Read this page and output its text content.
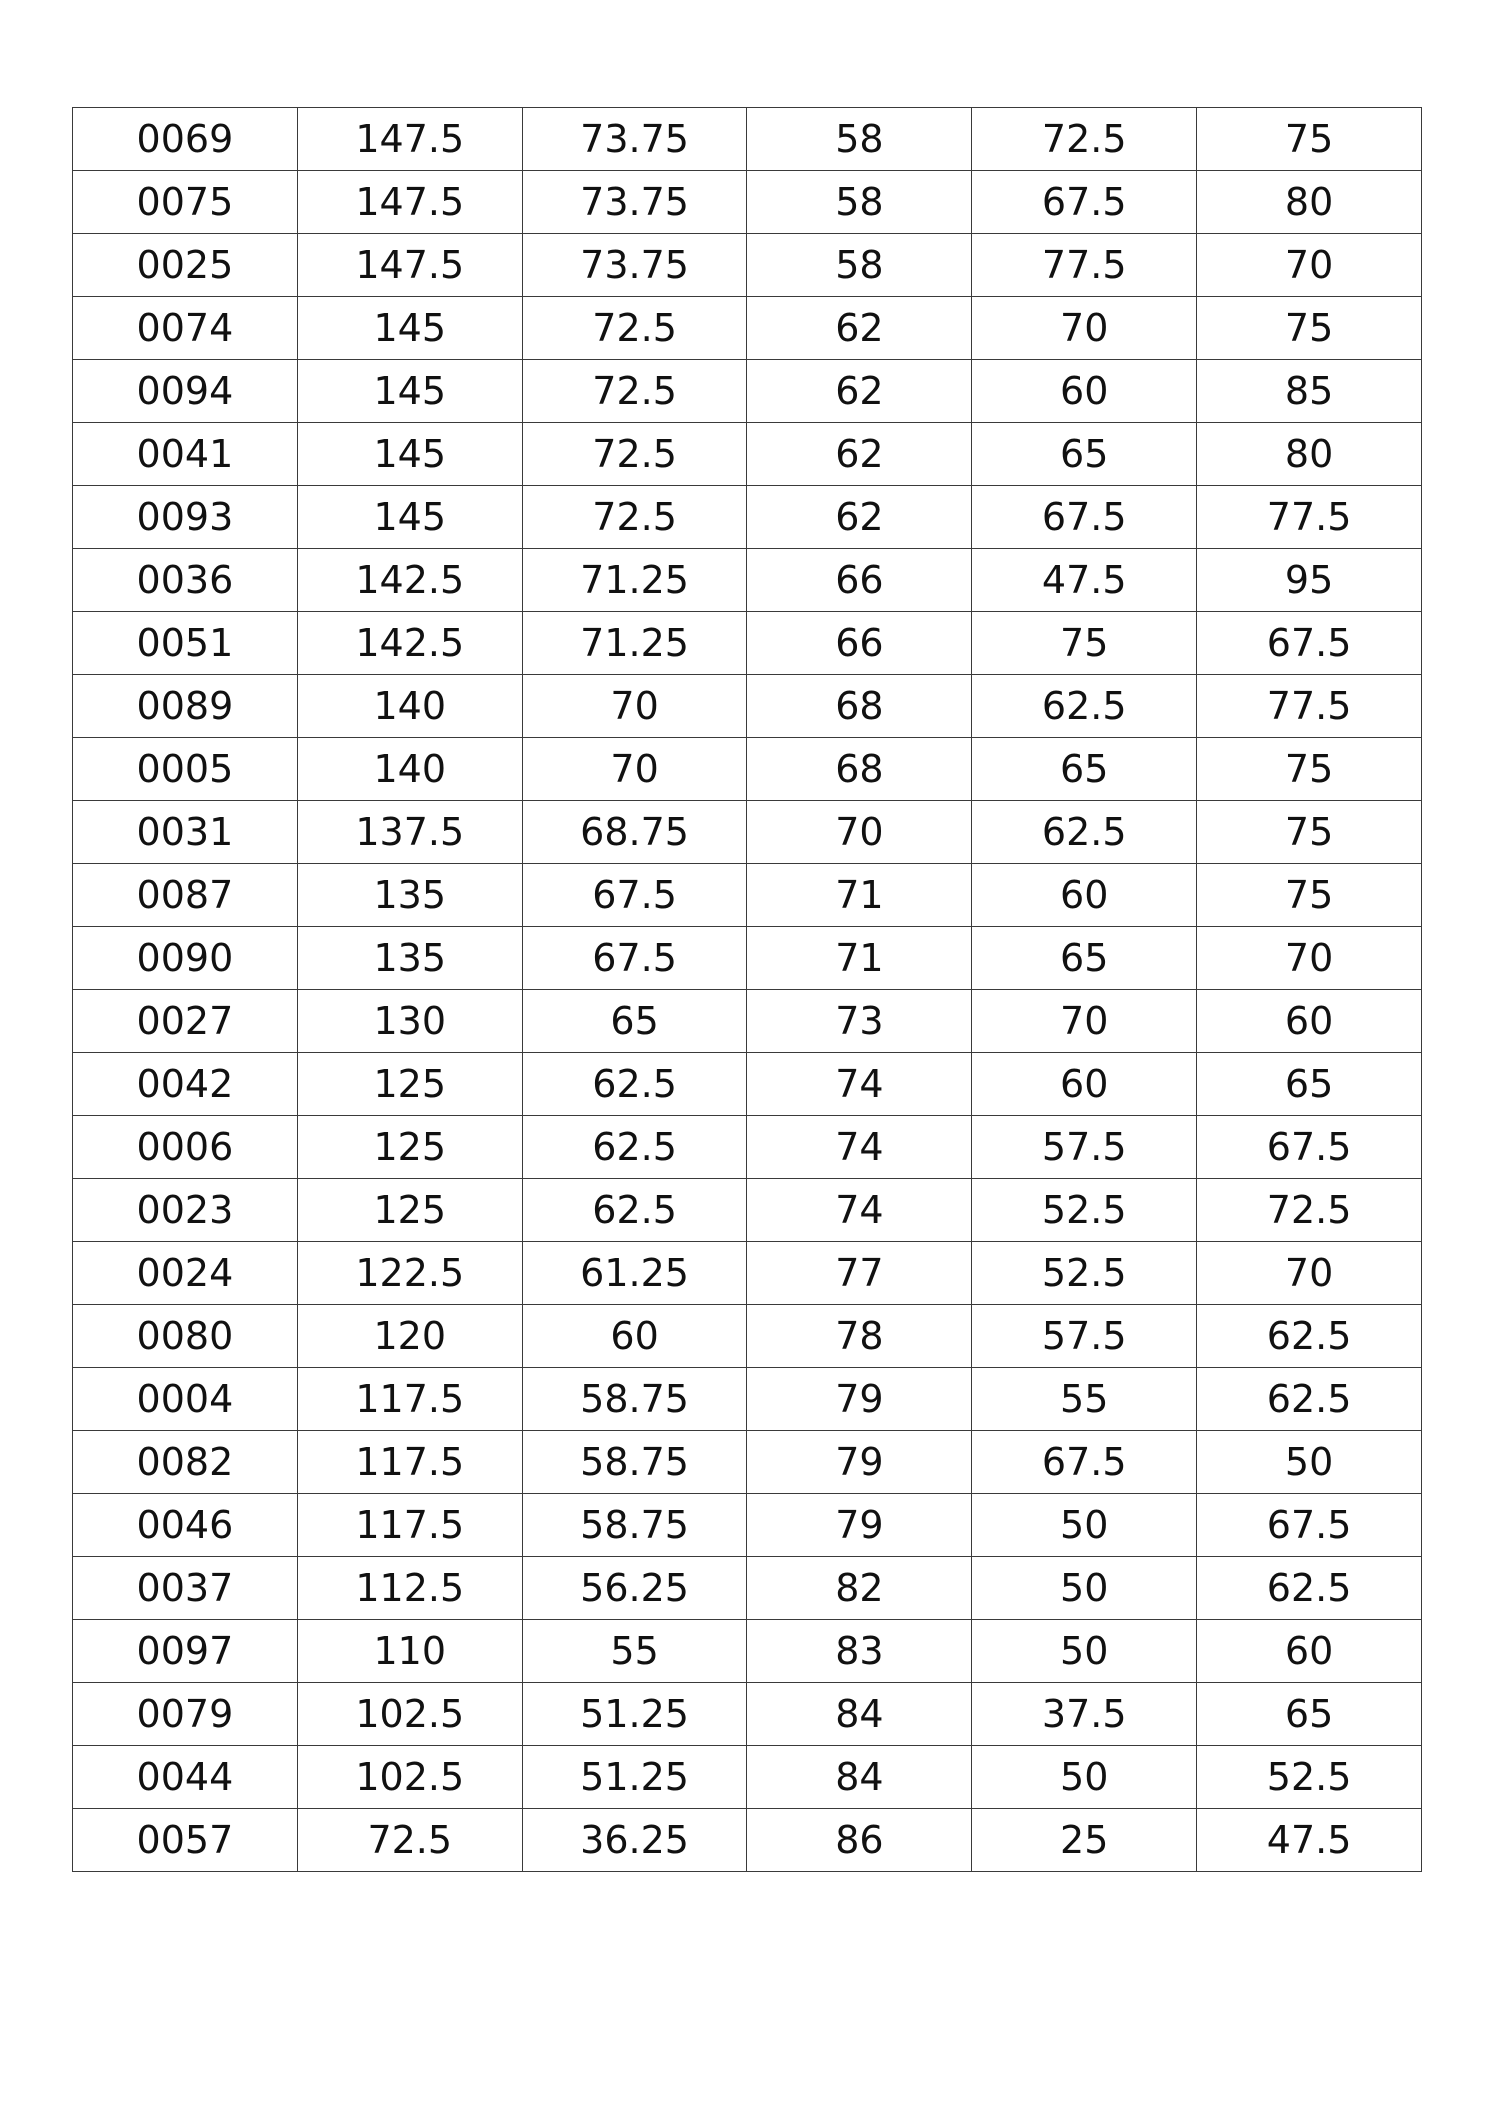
0069	147.5	73.75	58	72.5	75
0075	147.5	73.75	58	67.5	80
0025	147.5	73.75	58	77.5	70
0074	145	72.5	62	70	75
0094	145	72.5	62	60	85
0041	145	72.5	62	65	80
0093	145	72.5	62	67.5	77.5
0036	142.5	71.25	66	47.5	95
0051	142.5	71.25	66	75	67.5
0089	140	70	68	62.5	77.5
0005	140	70	68	65	75
0031	137.5	68.75	70	62.5	75
0087	135	67.5	71	60	75
0090	135	67.5	71	65	70
0027	130	65	73	70	60
0042	125	62.5	74	60	65
0006	125	62.5	74	57.5	67.5
0023	125	62.5	74	52.5	72.5
0024	122.5	61.25	77	52.5	70
0080	120	60	78	57.5	62.5
0004	117.5	58.75	79	55	62.5
0082	117.5	58.75	79	67.5	50
0046	117.5	58.75	79	50	67.5
0037	112.5	56.25	82	50	62.5
0097	110	55	83	50	60
0079	102.5	51.25	84	37.5	65
0044	102.5	51.25	84	50	52.5
0057	72.5	36.25	86	25	47.5
